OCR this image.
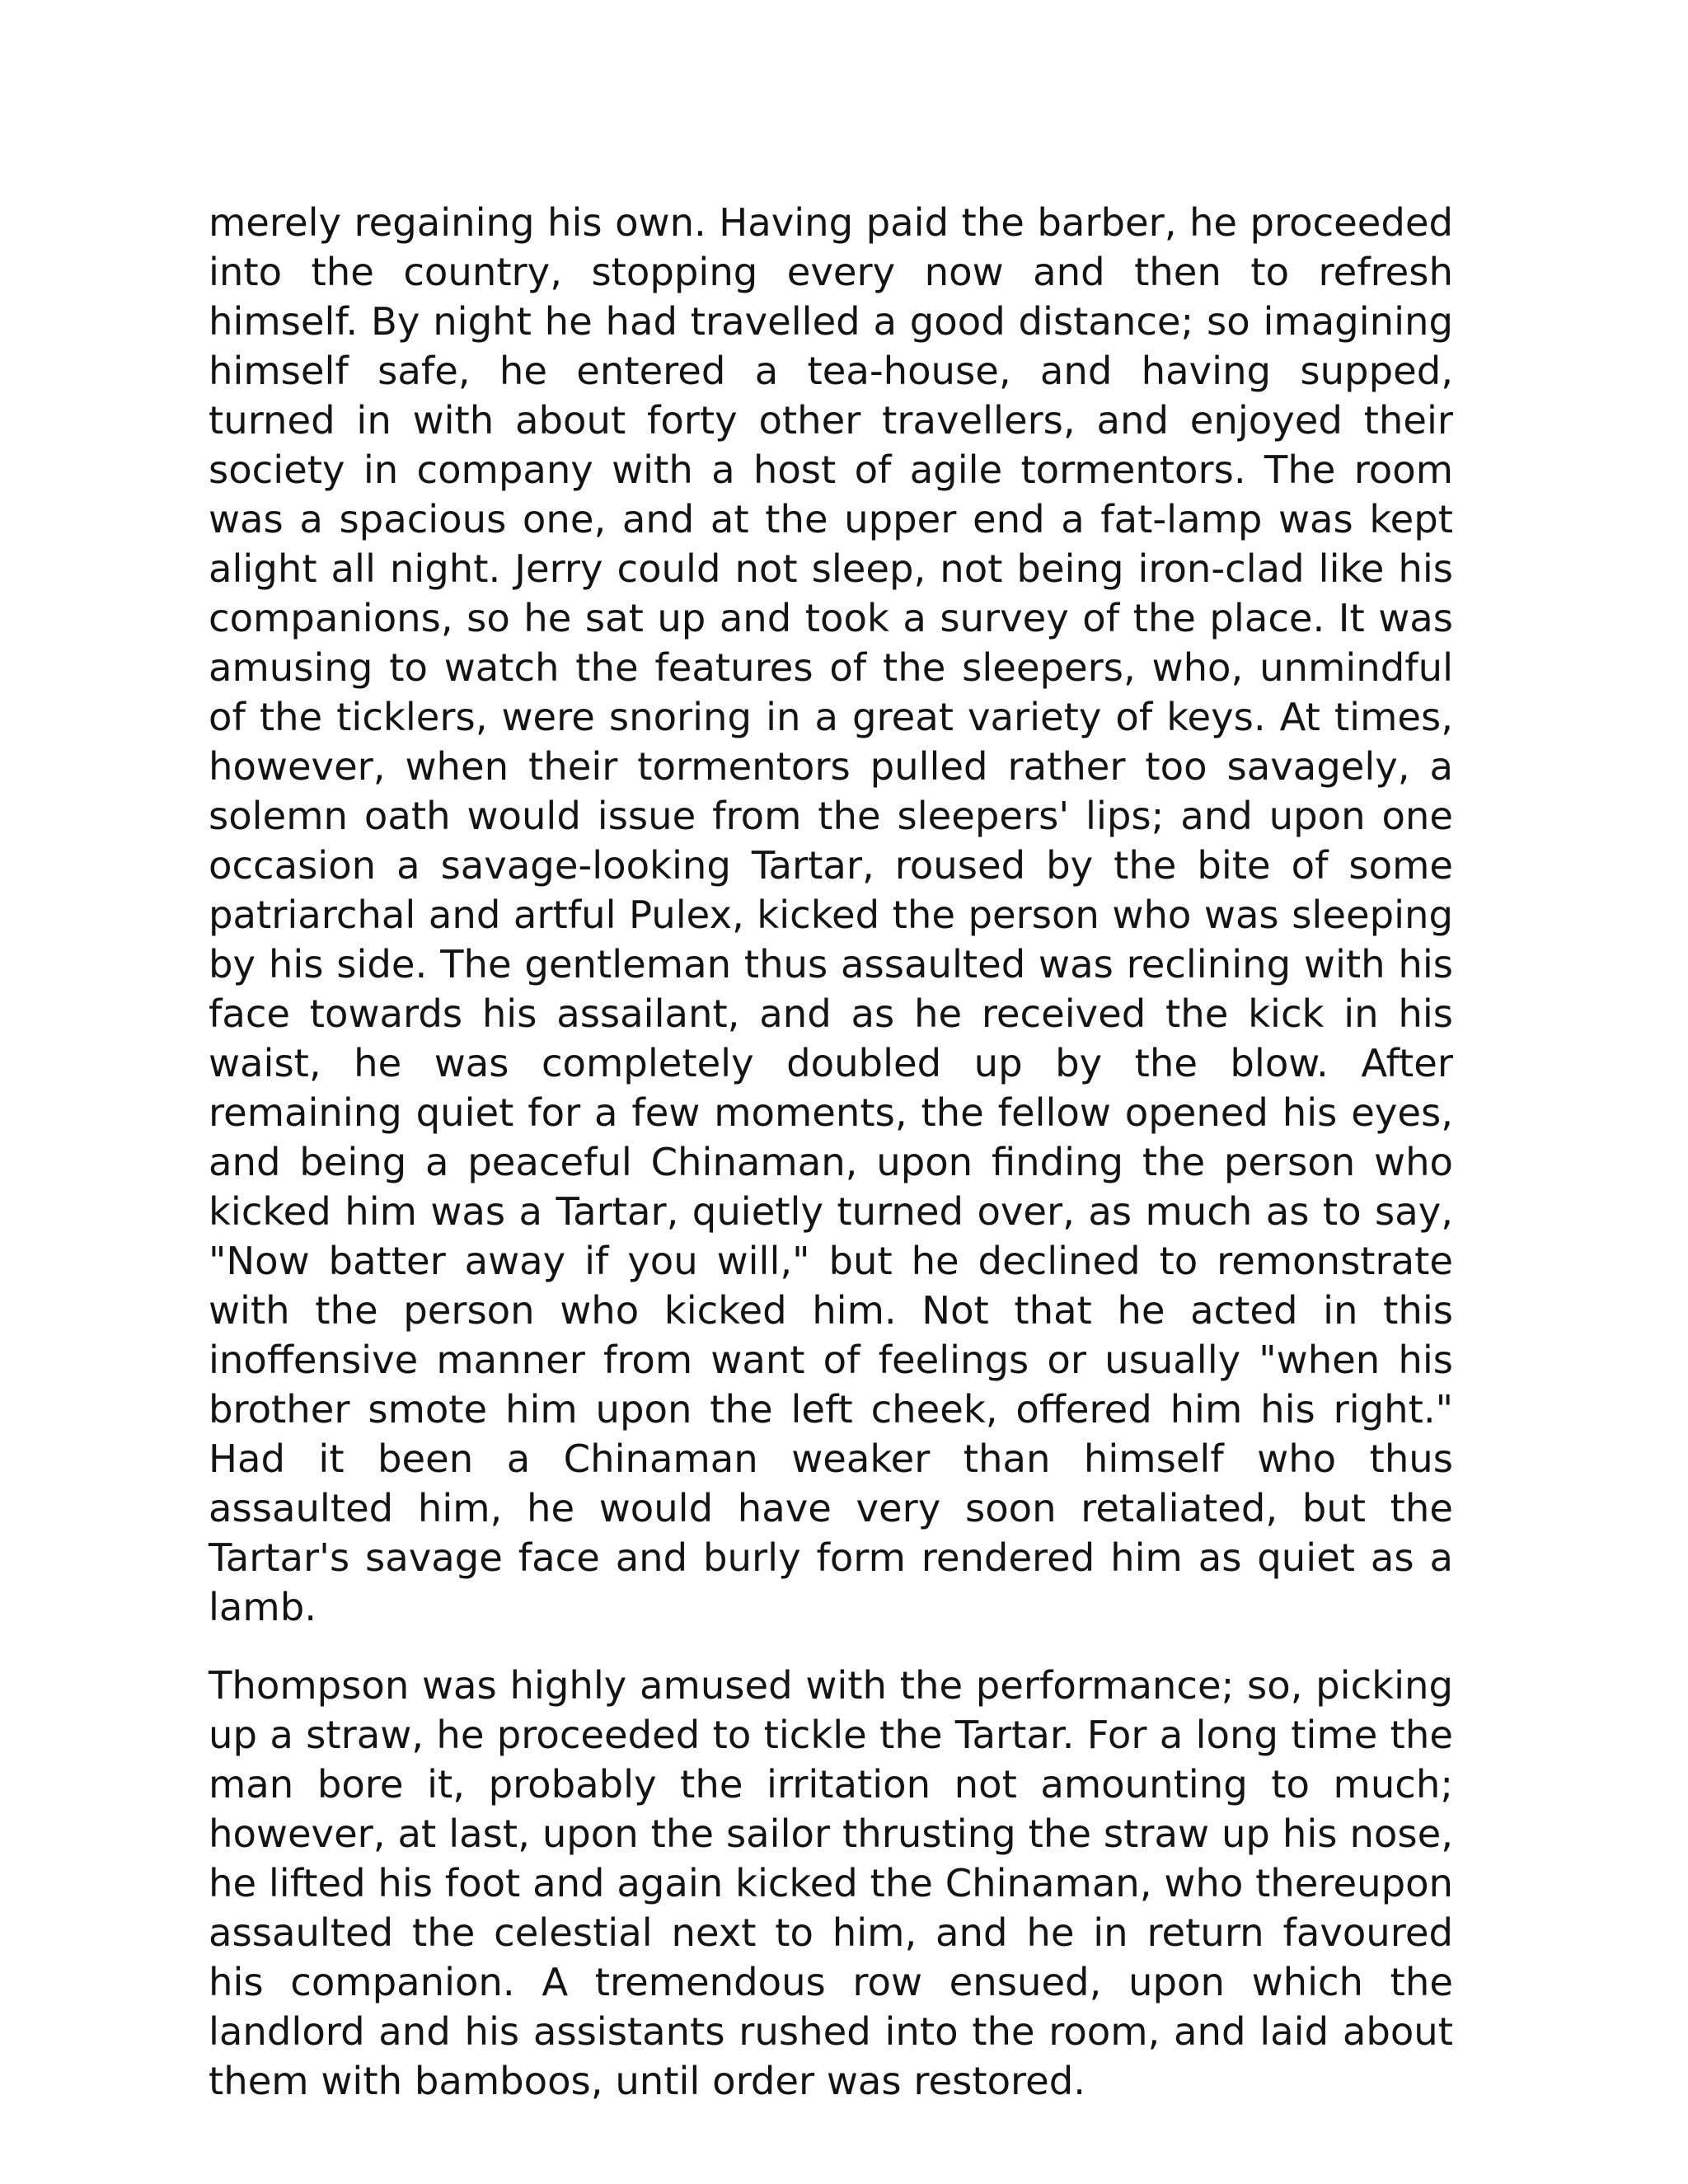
merely regaining his own. Having paid the barber, he proceeded into the country, stopping every now and then to refresh himself. By night he had travelled a good distance; so imagining himself safe, he entered a tea-house, and having supped, turned in with about forty other travellers, and enjoyed their society in company with a host of agile tormentors. The room was a spacious one, and at the upper end a fat-lamp was kept alight all night. Jerry could not sleep, not being iron-clad like his companions, so he sat up and took a survey of the place. It was amusing to watch the features of the sleepers, who, unmindful of the ticklers, were snoring in a great variety of keys. At times, however, when their tormentors pulled rather too savagely, a solemn oath would issue from the sleepers' lips; and upon one occasion a savage-looking Tartar, roused by the bite of some patriarchal and artful Pulex, kicked the person who was sleeping by his side. The gentleman thus assaulted was reclining with his face towards his assailant, and as he received the kick in his waist, he was completely doubled up by the blow. After remaining quiet for a few moments, the fellow opened his eyes, and being a peaceful Chinaman, upon finding the person who kicked him was a Tartar, quietly turned over, as much as to say, "Now batter away if you will," but he declined to remonstrate with the person who kicked him. Not that he acted in this inoffensive manner from want of feelings or usually "when his brother smote him upon the left cheek, offered him his right." Had it been a Chinaman weaker than himself who thus assaulted him, he would have very soon retaliated, but the Tartar's savage face and burly form rendered him as quiet as a lamb.

Thompson was highly amused with the performance; so, picking up a straw, he proceeded to tickle the Tartar. For a long time the man bore it, probably the irritation not amounting to much; however, at last, upon the sailor thrusting the straw up his nose, he lifted his foot and again kicked the Chinaman, who thereupon assaulted the celestial next to him, and he in return favoured his companion. A tremendous row ensued, upon which the landlord and his assistants rushed into the room, and laid about them with bamboos, until order was restored.
